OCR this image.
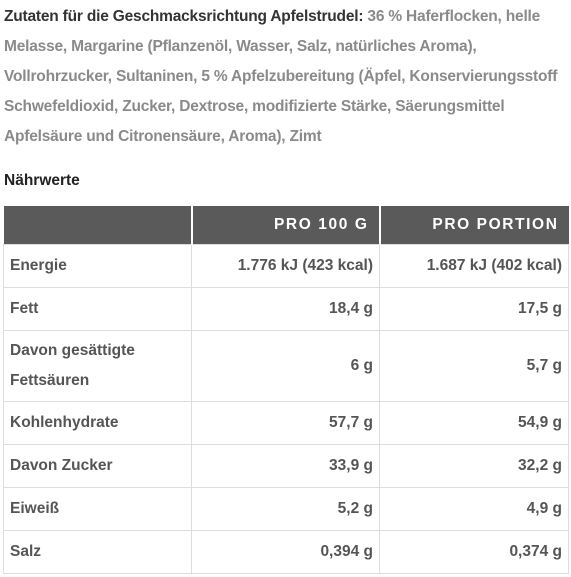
Zutaten für die Geschmacksrichtung Apfelstrudel: 36 % Haferflocken, helle Melasse, Margarine (Pflanzenöl, Wasser, Salz, natürliches Aroma), Vollrohrzucker, Sultaninen, 5 % Apfelzubereitung (Äpfel, Konservierungsstoff Schwefeldioxid, Zucker, Dextrose, modifizierte Stärke, Säerungsmittel Apfelsäure und Citronensäure, Aroma), Zimt
Nährwerte
	PRO 100 G	PRO PORTION
Energie	1.776 kJ (423 kcal)	1.687 kJ (402 kcal)
Fett	18,4 g	17,5 g
Davon gesättigte Fettsäuren	6 g	5,7 g
Kohlenhydrate	57,7 g	54,9 g
Davon Zucker	33,9 g	32,2 g
Eiweiß	5,2 g	4,9 g
Salz	0,394 g	0,374 g
